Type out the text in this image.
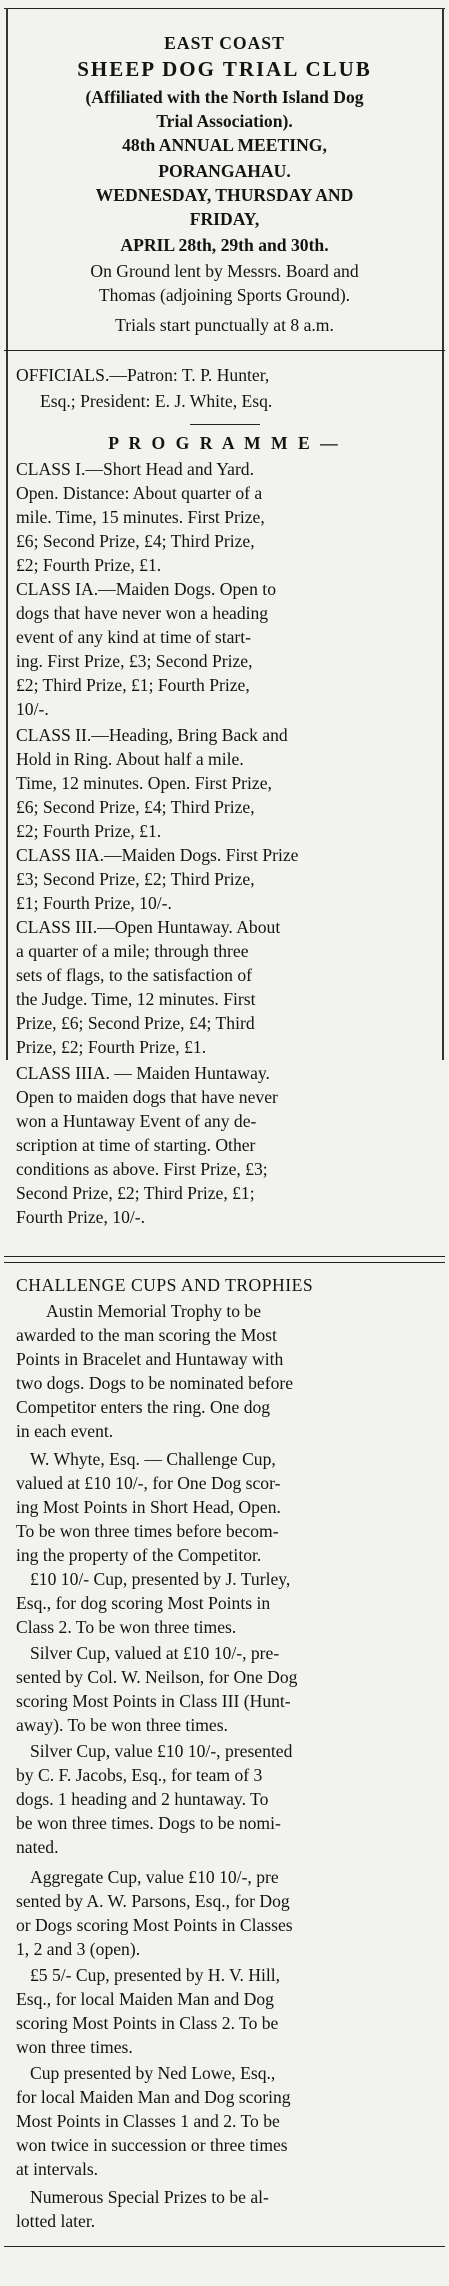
EAST COAST
SHEEP DOG TRIAL CLUB
(Affiliated with the North Island Dog
Trial Association).
48th ANNUAL MEETING,
PORANGAHAU.
WEDNESDAY, THURSDAY AND
FRIDAY,
APRIL 28th, 29th and 30th.
On Ground lent by Messrs. Board and
Thomas (adjoining Sports Ground).
Trials start punctually at 8 a.m.
OFFICIALS.—Patron: T. P. Hunter,
Esq.; President: E. J. White, Esq.
P R O G R A M M E —
CLASS I.—Short Head and Yard.
Open. Distance: About quarter of a
mile. Time, 15 minutes. First Prize,
£6; Second Prize, £4; Third Prize,
£2; Fourth Prize, £1.
CLASS IA.—Maiden Dogs. Open to
dogs that have never won a heading
event of any kind at time of start-
ing. First Prize, £3; Second Prize,
£2; Third Prize, £1; Fourth Prize,
10/-.
CLASS II.—Heading, Bring Back and
Hold in Ring. About half a mile.
Time, 12 minutes. Open. First Prize,
£6; Second Prize, £4; Third Prize,
£2; Fourth Prize, £1.
CLASS IIA.—Maiden Dogs. First Prize
£3; Second Prize, £2; Third Prize,
£1; Fourth Prize, 10/-.
CLASS III.—Open Huntaway. About
a quarter of a mile; through three
sets of flags, to the satisfaction of
the Judge. Time, 12 minutes. First
Prize, £6; Second Prize, £4; Third
Prize, £2; Fourth Prize, £1.
CLASS IIIA. — Maiden Huntaway.
Open to maiden dogs that have never
won a Huntaway Event of any de-
scription at time of starting. Other
conditions as above. First Prize, £3;
Second Prize, £2; Third Prize, £1;
Fourth Prize, 10/-.
CHALLENGE CUPS AND TROPHIES
Austin Memorial Trophy to be
awarded to the man scoring the Most
Points in Bracelet and Huntaway with
two dogs. Dogs to be nominated before
Competitor enters the ring. One dog
in each event.
W. Whyte, Esq. — Challenge Cup,
valued at £10 10/-, for One Dog scor-
ing Most Points in Short Head, Open.
To be won three times before becom-
ing the property of the Competitor.
£10 10/- Cup, presented by J. Turley,
Esq., for dog scoring Most Points in
Class 2. To be won three times.
Silver Cup, valued at £10 10/-, pre-
sented by Col. W. Neilson, for One Dog
scoring Most Points in Class III (Hunt-
away). To be won three times.
Silver Cup, value £10 10/-, presented
by C. F. Jacobs, Esq., for team of 3
dogs. 1 heading and 2 huntaway. To
be won three times. Dogs to be nomi-
nated.
Aggregate Cup, value £10 10/-, pre
sented by A. W. Parsons, Esq., for Dog
or Dogs scoring Most Points in Classes
1, 2 and 3 (open).
£5 5/- Cup, presented by H. V. Hill,
Esq., for local Maiden Man and Dog
scoring Most Points in Class 2. To be
won three times.
Cup presented by Ned Lowe, Esq.,
for local Maiden Man and Dog scoring
Most Points in Classes 1 and 2. To be
won twice in succession or three times
at intervals.
Numerous Special Prizes to be al-
lotted later.
